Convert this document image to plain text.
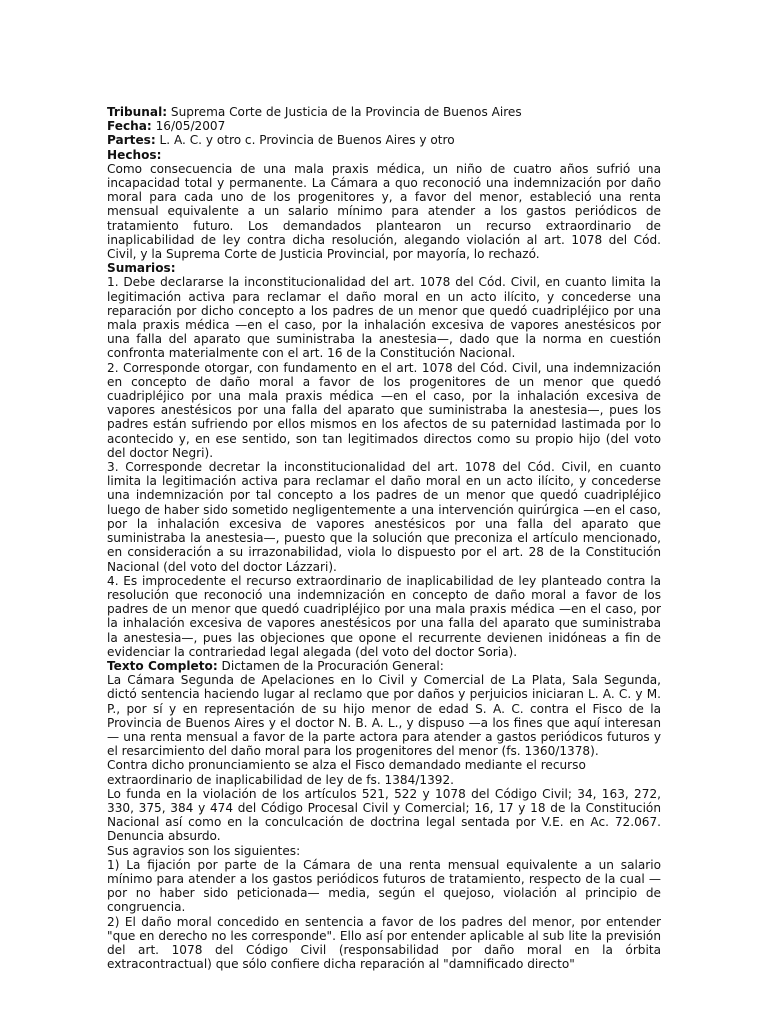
Tribunal: Suprema Corte de Justicia de la Provincia de Buenos Aires
Fecha: 16/05/2007
Partes: L. A. C. y otro c. Provincia de Buenos Aires y otro
Hechos:

Como consecuencia de una mala praxis médica, un niño de cuatro años sufrió una incapacidad total y permanente. La Cámara a quo reconoció una indemnización por daño moral para cada uno de los progenitores y, a favor del menor, estableció una renta mensual equivalente a un salario mínimo para atender a los gastos periódicos de tratamiento futuro. Los demandados plantearon un recurso extraordinario de inaplicabilidad de ley contra dicha resolución, alegando violación al art. 1078 del Cód. Civil, y la Suprema Corte de Justicia Provincial, por mayoría, lo rechazó.

Sumarios:

1. Debe declararse la inconstitucionalidad del art. 1078 del Cód. Civil, en cuanto limita la legitimación activa para reclamar el daño moral en un acto ilícito, y concederse una reparación por dicho concepto a los padres de un menor que quedó cuadripléjico por una mala praxis médica —en el caso, por la inhalación excesiva de vapores anestésicos por una falla del aparato que suministraba la anestesia—, dado que la norma en cuestión confronta materialmente con el art. 16 de la Constitución Nacional.

2. Corresponde otorgar, con fundamento en el art. 1078 del Cód. Civil, una indemnización en concepto de daño moral a favor de los progenitores de un menor que quedó cuadripléjico por una mala praxis médica —en el caso, por la inhalación excesiva de vapores anestésicos por una falla del aparato que suministraba la anestesia—, pues los padres están sufriendo por ellos mismos en los afectos de su paternidad lastimada por lo acontecido y, en ese sentido, son tan legitimados directos como su propio hijo (del voto del doctor Negri).

3. Corresponde decretar la inconstitucionalidad del art. 1078 del Cód. Civil, en cuanto limita la legitimación activa para reclamar el daño moral en un acto ilícito, y concederse una indemnización por tal concepto a los padres de un menor que quedó cuadripléjico luego de haber sido sometido negligentemente a una intervención quirúrgica —en el caso, por la inhalación excesiva de vapores anestésicos por una falla del aparato que suministraba la anestesia—, puesto que la solución que preconiza el artículo mencionado, en consideración a su irrazonabilidad, viola lo dispuesto por el art. 28 de la Constitución Nacional (del voto del doctor Lázzari).

4. Es improcedente el recurso extraordinario de inaplicabilidad de ley planteado contra la resolución que reconoció una indemnización en concepto de daño moral a favor de los padres de un menor que quedó cuadripléjico por una mala praxis médica —en el caso, por la inhalación excesiva de vapores anestésicos por una falla del aparato que suministraba la anestesia—, pues las objeciones que opone el recurrente devienen inidóneas a fin de evidenciar la contrariedad legal alegada (del voto del doctor Soria).

Texto Completo: Dictamen de la Procuración General:

La Cámara Segunda de Apelaciones en lo Civil y Comercial de La Plata, Sala Segunda, dictó sentencia haciendo lugar al reclamo que por daños y perjuicios iniciaran L. A. C. y M. P., por sí y en representación de su hijo menor de edad S. A. C. contra el Fisco de la Provincia de Buenos Aires y el doctor N. B. A. L., y dispuso —a los fines que aquí interesan— una renta mensual a favor de la parte actora para atender a gastos periódicos futuros y el resarcimiento del daño moral para los progenitores del menor (fs. 1360/1378).

Contra dicho pronunciamiento se alza el Fisco demandado mediante el recurso extraordinario de inaplicabilidad de ley de fs. 1384/1392.

Lo funda en la violación de los artículos 521, 522 y 1078 del Código Civil; 34, 163, 272, 330, 375, 384 y 474 del Código Procesal Civil y Comercial; 16, 17 y 18 de la Constitución Nacional así como en la conculcación de doctrina legal sentada por V.E. en Ac. 72.067. Denuncia absurdo.

Sus agravios son los siguientes:

1) La fijación por parte de la Cámara de una renta mensual equivalente a un salario mínimo para atender a los gastos periódicos futuros de tratamiento, respecto de la cual —por no haber sido peticionada— media, según el quejoso, violación al principio de congruencia.

2) El daño moral concedido en sentencia a favor de los padres del menor, por entender "que en derecho no les corresponde". Ello así por entender aplicable al sub lite la previsión del art. 1078 del Código Civil (responsabilidad por daño moral en la órbita extracontractual) que sólo confiere dicha reparación al "damnificado directo"
